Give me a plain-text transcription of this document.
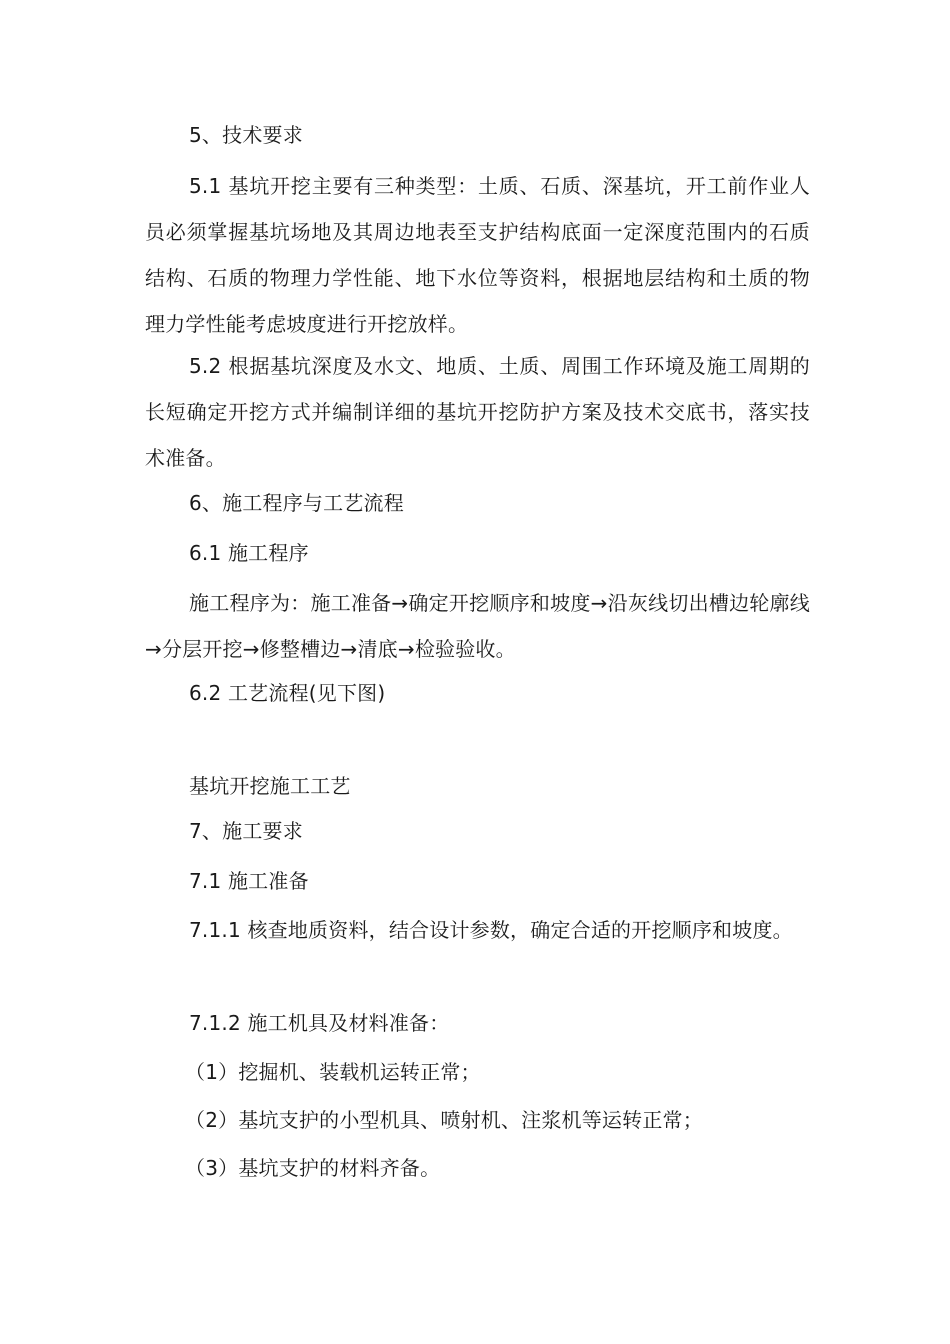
5、技术要求

5.1 基坑开挖主要有三种类型：土质、石质、深基坑，开工前作业人员必须掌握基坑场地及其周边地表至支护结构底面一定深度范围内的石质结构、石质的物理力学性能、地下水位等资料，根据地层结构和土质的物理力学性能考虑坡度进行开挖放样。

5.2 根据基坑深度及水文、地质、土质、周围工作环境及施工周期的长短确定开挖方式并编制详细的基坑开挖防护方案及技术交底书，落实技术准备。

6、施工程序与工艺流程

6.1 施工程序

施工程序为：施工准备→确定开挖顺序和坡度→沿灰线切出槽边轮廓线→分层开挖→修整槽边→清底→检验验收。

6.2 工艺流程(见下图)

基坑开挖施工工艺

7、施工要求

7.1 施工准备

7.1.1 核查地质资料，结合设计参数，确定合适的开挖顺序和坡度。

7.1.2 施工机具及材料准备：

（1）挖掘机、装载机运转正常；

（2）基坑支护的小型机具、喷射机、注浆机等运转正常；

（3）基坑支护的材料齐备。
